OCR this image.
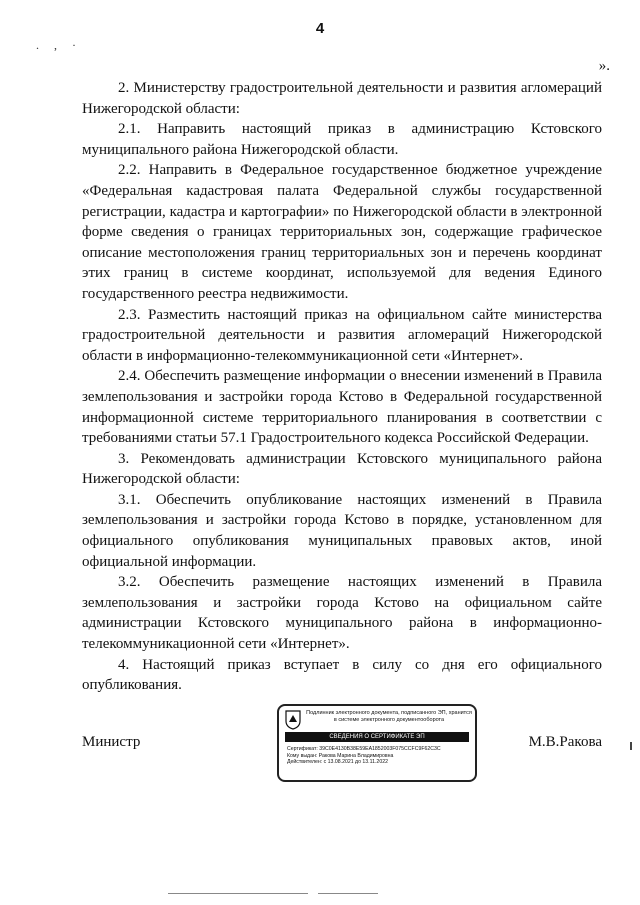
4
. , ·
».

2. Министерству градостроительной деятельности и развития агломераций Нижегородской области:

2.1. Направить настоящий приказ в администрацию Кстовского муниципального района Нижегородской области.

2.2. Направить в Федеральное государственное бюджетное учреждение «Федеральная кадастровая палата Федеральной службы государственной регистрации, кадастра и картографии» по Нижегородской области в электронной форме сведения о границах территориальных зон, содержащие графическое описание местоположения границ территориальных зон и перечень координат этих границ в системе координат, используемой для ведения Единого государственного реестра недвижимости.

2.3. Разместить настоящий приказ на официальном сайте министерства градостроительной деятельности и развития агломераций Нижегородской области в информационно-телекоммуникационной сети «Интернет».

2.4. Обеспечить размещение информации о внесении изменений в Правила землепользования и застройки города Кстово в Федеральной государственной информационной системе территориального планирования в соответствии с требованиями статьи 57.1 Градостроительного кодекса Российской Федерации.

3. Рекомендовать администрации Кстовского муниципального района Нижегородской области:

3.1. Обеспечить опубликование настоящих изменений в Правила землепользования и застройки города Кстово в порядке, установленном для официального опубликования муниципальных правовых актов, иной официальной информации.

3.2. Обеспечить размещение настоящих изменений в Правила землепользования и застройки города Кстово на официальном сайте администрации Кстовского муниципального района в информационно-телекоммуникационной сети «Интернет».

4. Настоящий приказ вступает в силу со дня его официального опубликования.

Министр
Подлинник электронного документа, подписанного ЭП, хранится в системе электронного документооборота
СВЕДЕНИЯ О СЕРТИФИКАТЕ ЭП
Сертификат: 39C0E4130B38E59EA1852003F075CCFC9F62C3C
Кому выдан: Ракова Марина Владимировна
Действителен: с 13.08.2021 до 13.11.2022
М.В.Ракова
